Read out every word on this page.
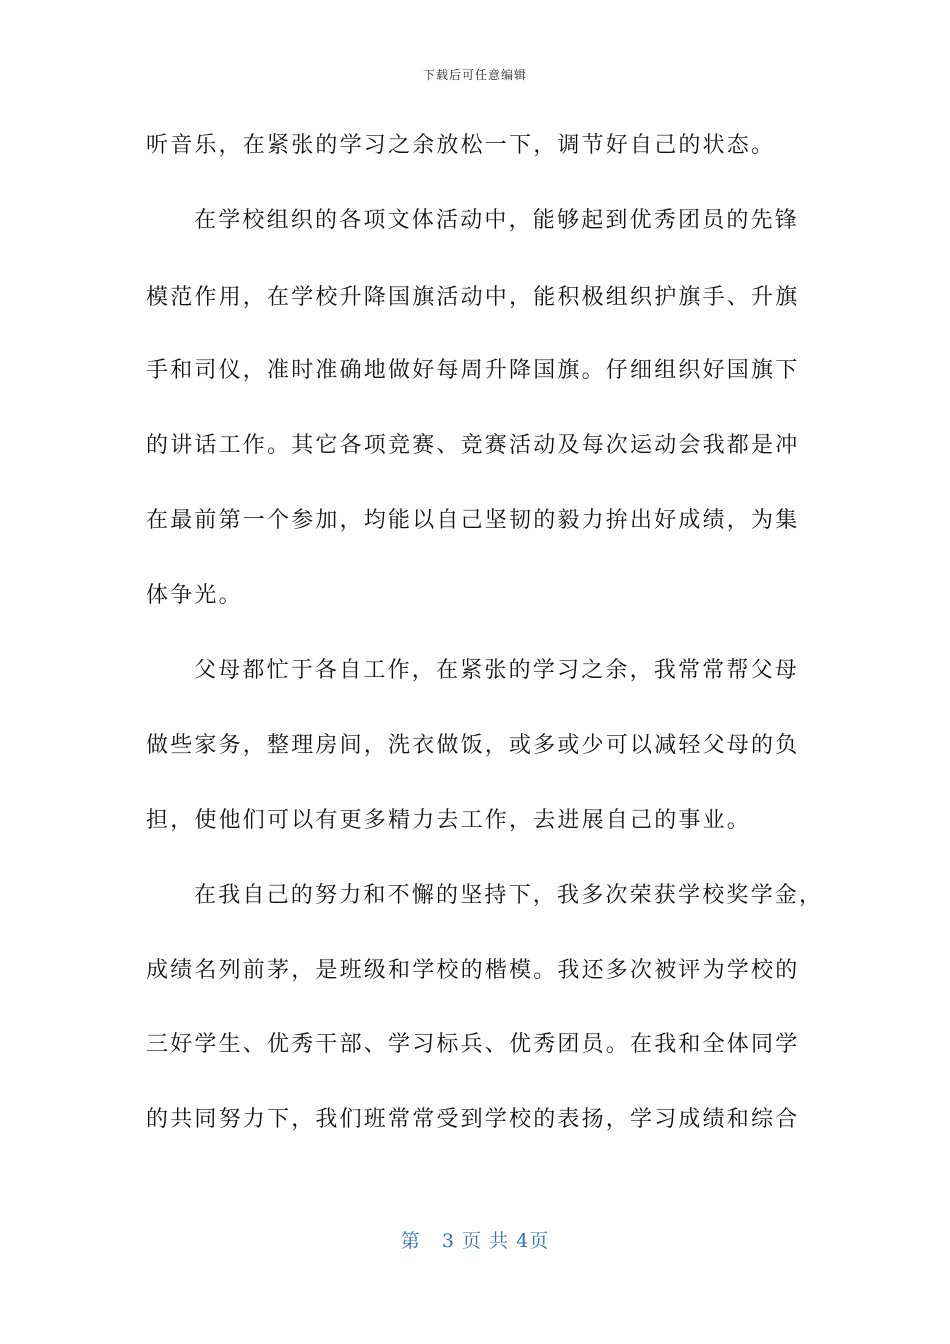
下载后可任意编辑
听音乐，在紧张的学习之余放松一下，调节好自己的状态。
在学校组织的各项文体活动中，能够起到优秀团员的先锋
模范作用，在学校升降国旗活动中，能积极组织护旗手、升旗
手和司仪，准时准确地做好每周升降国旗。仔细组织好国旗下
的讲话工作。其它各项竞赛、竞赛活动及每次运动会我都是冲
在最前第一个参加，均能以自己坚韧的毅力拚出好成绩，为集
体争光。
父母都忙于各自工作，在紧张的学习之余，我常常帮父母
做些家务，整理房间，洗衣做饭，或多或少可以减轻父母的负
担，使他们可以有更多精力去工作，去进展自己的事业。
在我自己的努力和不懈的坚持下，我多次荣获学校奖学金，
成绩名列前茅，是班级和学校的楷模。我还多次被评为学校的
三好学生、优秀干部、学习标兵、优秀团员。在我和全体同学
的共同努力下，我们班常常受到学校的表扬，学习成绩和综合
第 3 页 共 4页
